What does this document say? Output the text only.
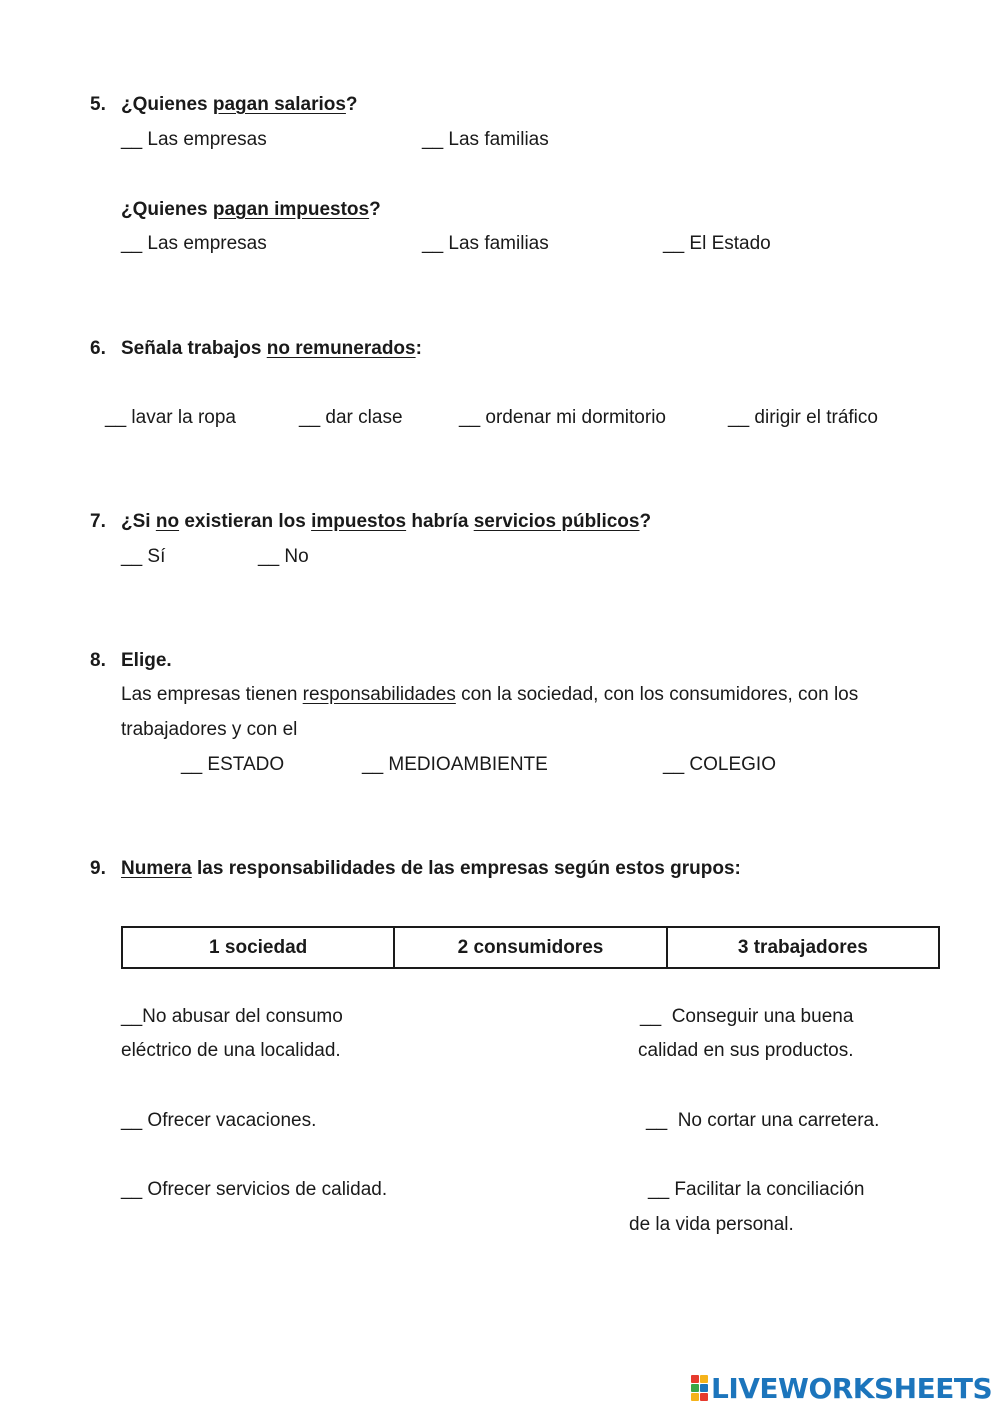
5. ¿Quienes pagan salarios?
__ Las empresas	__ Las familias
¿Quienes pagan impuestos?
__ Las empresas	__ Las familias	__ El Estado
6. Señala trabajos no remunerados:
__ lavar la ropa	__ dar clase	__ ordenar mi dormitorio	__ dirigir el tráfico
7. ¿Si no existieran los impuestos habría servicios públicos?
__ Sí	__ No
8. Elige.
Las empresas tienen responsabilidades con la sociedad, con los consumidores, con los
trabajadores y con el
__ ESTADO	__ MEDIOAMBIENTE	__ COLEGIO
9. Numera las responsabilidades de las empresas según estos grupos:
1 sociedad	2 consumidores	3 trabajadores
__No abusar del consumo
eléctrico de una localidad.
__  Conseguir una buena
calidad en sus productos.
__ Ofrecer vacaciones.	__  No cortar una carretera.
__ Ofrecer servicios de calidad.	__ Facilitar la conciliación
de la vida personal.
LIVEWORKSHEETS
